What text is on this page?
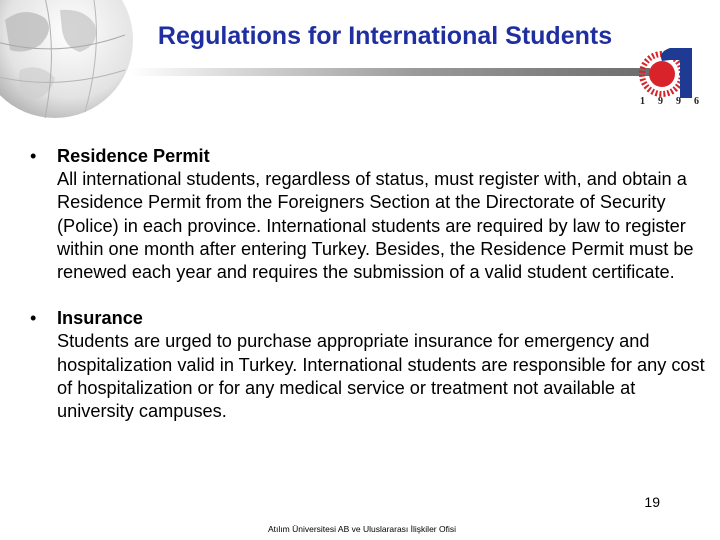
Regulations for International Students
1996
• Residence Permit
All international students, regardless of status, must register with, and obtain a Residence Permit from the Foreigners Section at the Directorate of Security (Police) in each province. International students are required by law to register within one month after entering Turkey. Besides, the Residence Permit must be renewed each year and requires the submission of a valid student certificate.
• Insurance
Students are urged to purchase appropriate insurance for emergency and hospitalization valid in Turkey. International students are responsible for any cost of hospitalization or for any medical service or treatment not available at university campuses.
19
Atılım Üniversitesi AB ve Uluslararası İlişkiler Ofisi
